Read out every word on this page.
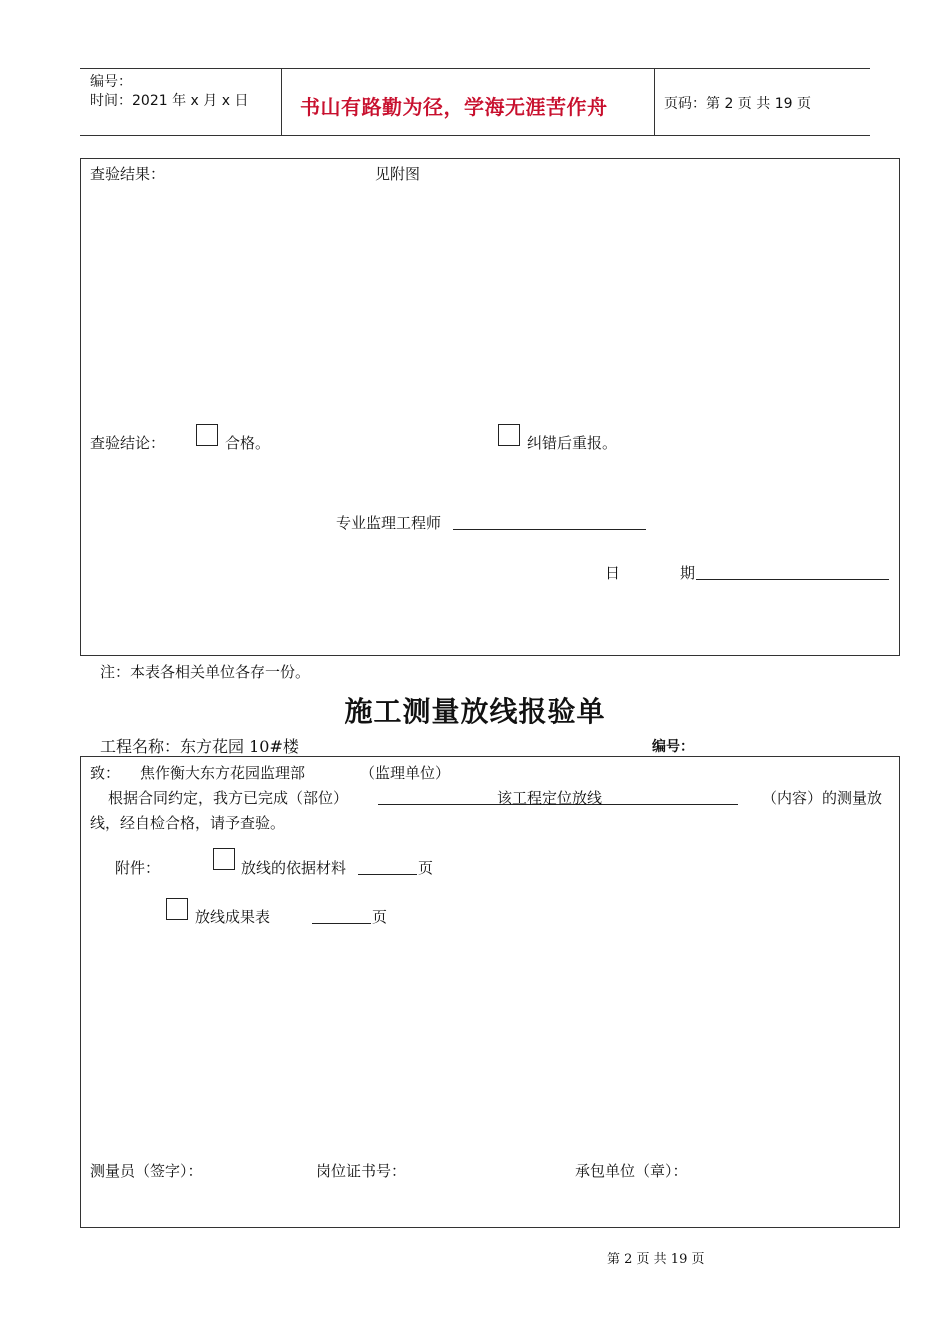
编号：
时间：2021 年 x 月 x 日	书山有路勤为径，学海无涯苦作舟	页码：第 2 页 共 19 页
查验结果：	见附图
查验结论：	合格。	纠错后重报。
专业监理工程师
日	期
注：本表各相关单位各存一份。
施工测量放线报验单
工程名称：东方花园 10#楼	编号：
致： 焦作衡大东方花园监理部	（监理单位）
根据合同约定，我方已完成（部位）	该工程定位放线	（内容）的测量放
线，经自检合格，请予查验。
附件：	放线的依据材料	页
放线成果表	页
测量员（签字）：	岗位证书号：	承包单位（章）：
第 2 页 共 19 页
